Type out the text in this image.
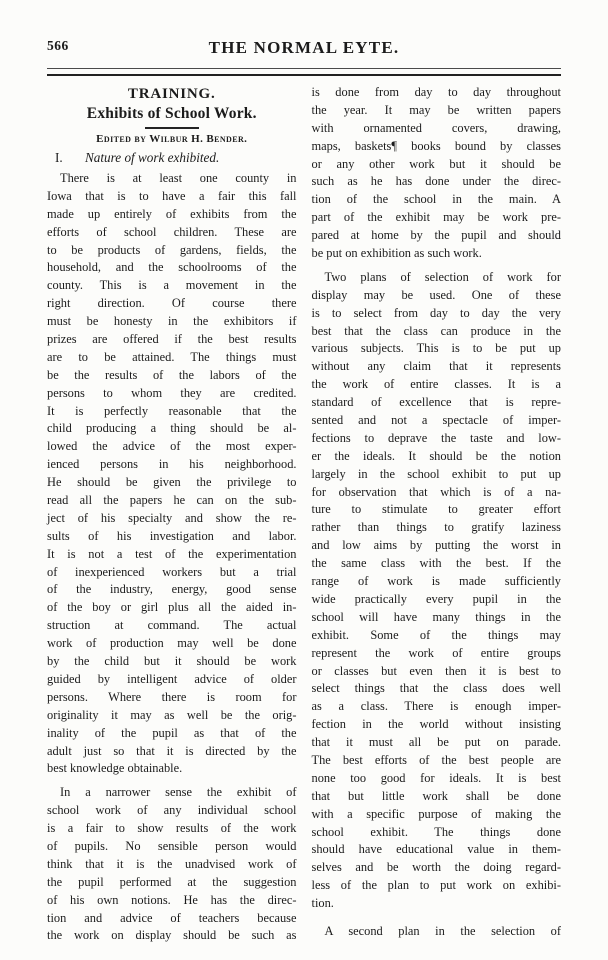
566	THE NORMAL EYTE.
TRAINING.
Exhibits of School Work.
Edited by Wilbur H. Bender.
I. Nature of work exhibited.
There is at least one county in
Iowa that is to have a fair this fall
made up entirely of exhibits from the
efforts of school children. These are
to be products of gardens, fields, the
household, and the schoolrooms of the
county. This is a movement in the
right direction. Of course there
must be honesty in the exhibitors if
prizes are offered if the best results
are to be attained. The things must
be the results of the labors of the
persons to whom they are credited.
It is perfectly reasonable that the
child producing a thing should be al-
lowed the advice of the most exper-
ienced persons in his neighborhood.
He should be given the privilege to
read all the papers he can on the sub-
ject of his specialty and show the re-
sults of his investigation and labor.
It is not a test of the experimentation
of inexperienced workers but a trial
of the industry, energy, good sense
of the boy or girl plus all the aided in-
struction at command. The actual
work of production may well be done
by the child but it should be work
guided by intelligent advice of older
persons. Where there is room for
originality it may as well be the orig-
inality of the pupil as that of the
adult just so that it is directed by the
best knowledge obtainable.
In a narrower sense the exhibit of
school work of any individual school
is a fair to show results of the work
of pupils. No sensible person would
think that it is the unadvised work of
the pupil performed at the suggestion
of his own notions. He has the direc-
tion and advice of teachers because
the work on display should be such as
is done from day to day throughout
the year. It may be written papers
with ornamented covers, drawing,
maps, baskets¶ books bound by classes
or any other work but it should be
such as he has done under the direc-
tion of the school in the main. A
part of the exhibit may be work pre-
pared at home by the pupil and should
be put on exhibition as such work.
Two plans of selection of work for
display may be used. One of these
is to select from day to day the very
best that the class can produce in the
various subjects. This is to be put up
without any claim that it represents
the work of entire classes. It is a
standard of excellence that is repre-
sented and not a spectacle of imper-
fections to deprave the taste and low-
er the ideals. It should be the notion
largely in the school exhibit to put up
for observation that which is of a na-
ture to stimulate to greater effort
rather than things to gratify laziness
and low aims by putting the worst in
the same class with the best. If the
range of work is made sufficiently
wide practically every pupil in the
school will have many things in the
exhibit. Some of the things may
represent the work of entire groups
or classes but even then it is best to
select things that the class does well
as a class. There is enough imper-
fection in the world without insisting
that it must all be put on parade.
The best efforts of the best people are
none too good for ideals. It is best
that but little work shall be done
with a specific purpose of making the
school exhibit. The things done
should have educational value in them-
selves and be worth the doing regard-
less of the plan to put work on exhibi-
tion.
A second plan in the selection of
